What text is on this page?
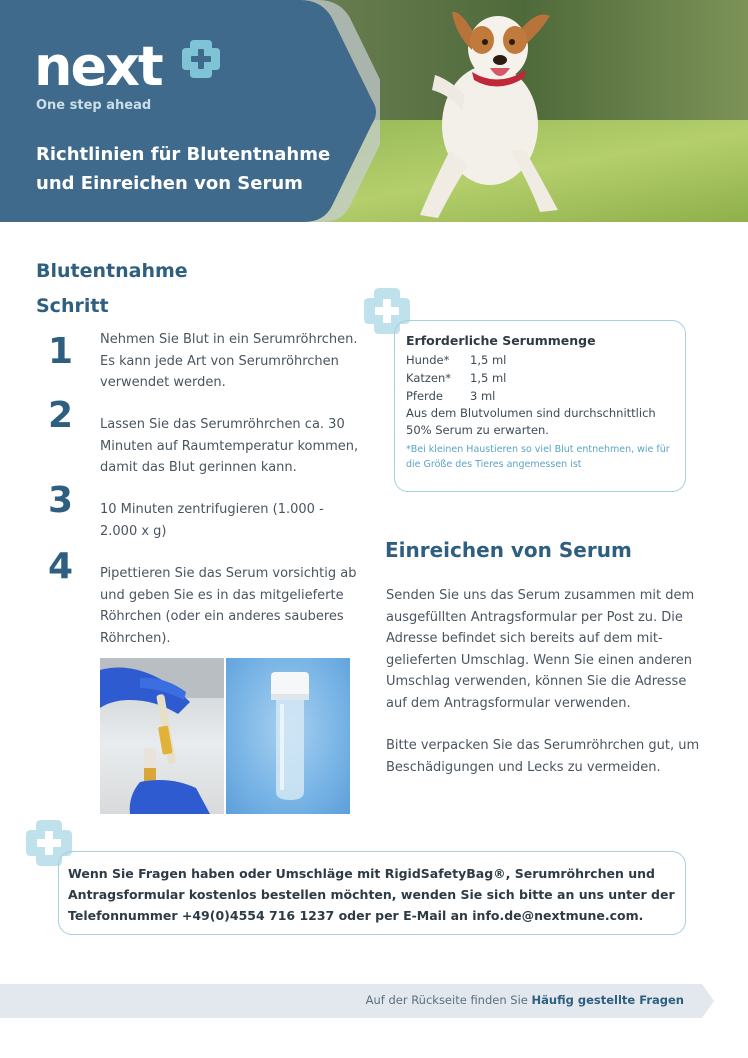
next
One step ahead
Richtlinien für Blutentnahme und Einreichen von Serum
Blutentnahme
Schritt
1 Nehmen Sie Blut in ein Serumröhrchen. Es kann jede Art von Serumröhrchen verwendet werden.
2 Lassen Sie das Serumröhrchen ca. 30 Minuten auf Raumtemperatur kommen, damit das Blut gerinnen kann.
3 10 Minuten zentrifugieren (1.000 - 2.000 x g)
4 Pipettieren Sie das Serum vorsichtig ab und geben Sie es in das mitgelieferte Röhrchen (oder ein anderes sauberes Röhrchen).
Erforderliche Serummenge
Hunde*	1,5 ml
Katzen*	1,5 ml
Pferde	3 ml
Aus dem Blutvolumen sind durchschnittlich 50% Serum zu erwarten.
*Bei kleinen Haustieren so viel Blut entnehmen, wie für die Größe des Tieres angemessen ist
Einreichen von Serum
Senden Sie uns das Serum zusammen mit dem ausgefüllten Antragsformular per Post zu. Die Adresse befindet sich bereits auf dem mit-gelieferten Umschlag. Wenn Sie einen anderen Umschlag verwenden, können Sie die Adresse auf dem Antragsformular verwenden.
Bitte verpacken Sie das Serumröhrchen gut, um Beschädigungen und Lecks zu vermeiden.

Wenn Sie Fragen haben oder Umschläge mit RigidSafetyBag®, Serumröhrchen und Antragsformular kostenlos bestellen möchten, wenden Sie sich bitte an uns unter der Telefonnummer +49(0)4554 716 1237 oder per E-Mail an info.de@nextmune.com.

Auf der Rückseite finden Sie Häufig gestellte Fragen
